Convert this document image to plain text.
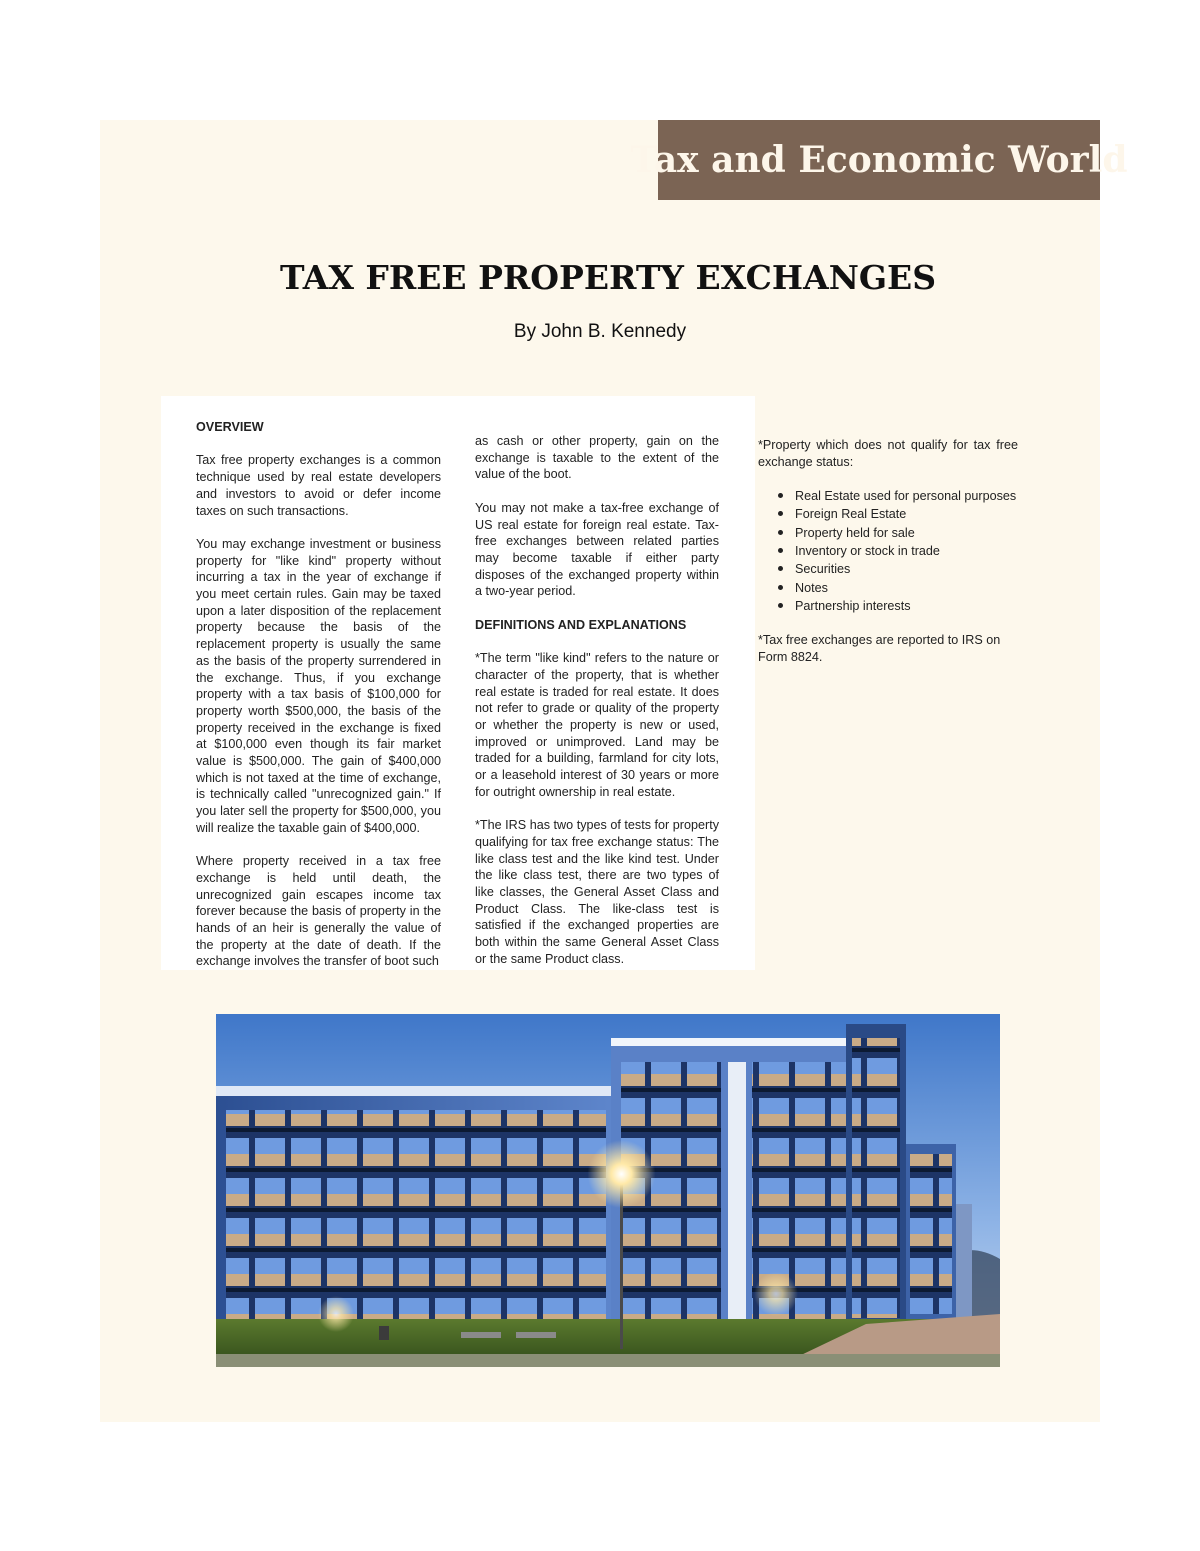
Tax and Economic World
TAX FREE PROPERTY EXCHANGES
By John B. Kennedy
OVERVIEW

Tax free property exchanges is a common technique used by real estate developers and investors to avoid or defer income taxes on such transactions.

You may exchange investment or business property for "like kind" property without incurring a tax in the year of exchange if you meet certain rules. Gain may be taxed upon a later disposition of the replacement property because the basis of the replacement property is usually the same as the basis of the property surrendered in the exchange. Thus, if you exchange property with a tax basis of $100,000 for property worth $500,000, the basis of the property received in the exchange is fixed at $100,000 even though its fair market value is $500,000. The gain of $400,000 which is not taxed at the time of exchange, is technically called "unrecognized gain." If you later sell the property for $500,000, you will realize the taxable gain of $400,000.

Where property received in a tax free exchange is held until death, the unrecognized gain escapes income tax forever because the basis of property in the hands of an heir is generally the value of the property at the date of death. If the exchange involves the transfer of boot such

as cash or other property, gain on the exchange is taxable to the extent of the value of the boot.

You may not make a tax-free exchange of US real estate for foreign real estate. Tax-free exchanges between related parties may become taxable if either party disposes of the exchanged property within a two-year period.

DEFINITIONS AND EXPLANATIONS

*The term "like kind" refers to the nature or character of the property, that is whether real estate is traded for real estate. It does not refer to grade or quality of the property or whether the property is new or used, improved or unimproved. Land may be traded for a building, farmland for city lots, or a leasehold interest of 30 years or more for outright ownership in real estate.

*The IRS has two types of tests for property qualifying for tax free exchange status: The like class test and the like kind test. Under the like class test, there are two types of like classes, the General Asset Class and Product Class. The like-class test is satisfied if the exchanged properties are both within the same General Asset Class or the same Product class.

*Property which does not qualify for tax free exchange status:

Real Estate used for personal purposes
Foreign Real Estate
Property held for sale
Inventory or stock in trade
Securities
Notes
Partnership interests

*Tax free exchanges are reported to IRS on Form 8824.
